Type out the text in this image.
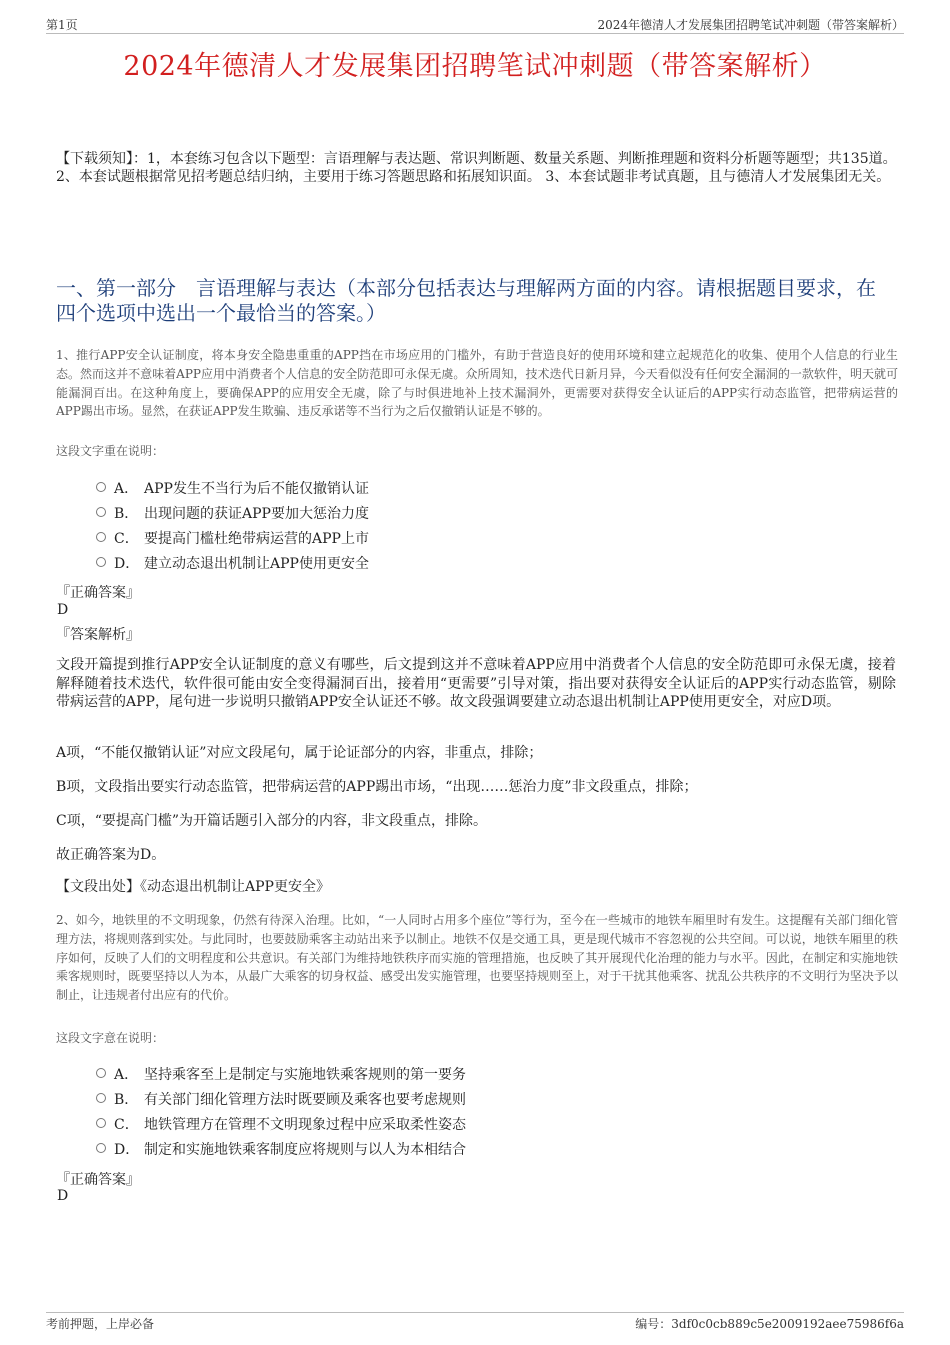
第1页	2024年德清人才发展集团招聘笔试冲刺题（带答案解析）
2024年德清人才发展集团招聘笔试冲刺题（带答案解析）
【下载须知】：1，本套练习包含以下题型：言语理解与表达题、常识判断题、数量关系题、判断推理题和资料分析题等题型；共135道。 2、本套试题根据常见招考题总结归纳，主要用于练习答题思路和拓展知识面。 3、本套试题非考试真题，且与德清人才发展集团无关。
一、第一部分　言语理解与表达（本部分包括表达与理解两方面的内容。请根据题目要求，在四个选项中选出一个最恰当的答案。）
1、推行APP安全认证制度，将本身安全隐患重重的APP挡在市场应用的门槛外，有助于营造良好的使用环境和建立起规范化的收集、使用个人信息的行业生态。然而这并不意味着APP应用中消费者个人信息的安全防范即可永保无虞。众所周知，技术迭代日新月异，今天看似没有任何安全漏洞的一款软件，明天就可能漏洞百出。在这种角度上，要确保APP的应用安全无虞，除了与时俱进地补上技术漏洞外，更需要对获得安全认证后的APP实行动态监管，把带病运营的APP踢出市场。显然，在获证APP发生欺骗、违反承诺等不当行为之后仅撤销认证是不够的。
这段文字重在说明：
A． APP发生不当行为后不能仅撤销认证
B． 出现问题的获证APP要加大惩治力度
C． 要提高门槛杜绝带病运营的APP上市
D． 建立动态退出机制让APP使用更安全
『正确答案』
D
『答案解析』
文段开篇提到推行APP安全认证制度的意义有哪些，后文提到这并不意味着APP应用中消费者个人信息的安全防范即可永保无虞，接着解释随着技术迭代，软件很可能由安全变得漏洞百出，接着用“更需要”引导对策，指出要对获得安全认证后的APP实行动态监管，剔除带病运营的APP，尾句进一步说明只撤销APP安全认证还不够。故文段强调要建立动态退出机制让APP使用更安全，对应D项。
A项，“不能仅撤销认证”对应文段尾句，属于论证部分的内容，非重点，排除；
B项，文段指出要实行动态监管，把带病运营的APP踢出市场，“出现……惩治力度”非文段重点，排除；
C项，“要提高门槛”为开篇话题引入部分的内容，非文段重点，排除。
故正确答案为D。
【文段出处】《动态退出机制让APP更安全》
2、如今，地铁里的不文明现象，仍然有待深入治理。比如，“一人同时占用多个座位”等行为，至今在一些城市的地铁车厢里时有发生。这提醒有关部门细化管理方法，将规则落到实处。与此同时，也要鼓励乘客主动站出来予以制止。地铁不仅是交通工具，更是现代城市不容忽视的公共空间。可以说，地铁车厢里的秩序如何，反映了人们的文明程度和公共意识。有关部门为维持地铁秩序而实施的管理措施，也反映了其开展现代化治理的能力与水平。因此，在制定和实施地铁乘客规则时，既要坚持以人为本，从最广大乘客的切身权益、感受出发实施管理，也要坚持规则至上，对于干扰其他乘客、扰乱公共秩序的不文明行为坚决予以制止，让违规者付出应有的代价。
这段文字意在说明：
A． 坚持乘客至上是制定与实施地铁乘客规则的第一要务
B． 有关部门细化管理方法时既要顾及乘客也要考虑规则
C． 地铁管理方在管理不文明现象过程中应采取柔性姿态
D． 制定和实施地铁乘客制度应将规则与以人为本相结合
『正确答案』
D
考前押题，上岸必备	编号：3df0c0cb889c5e2009192aee75986f6a
